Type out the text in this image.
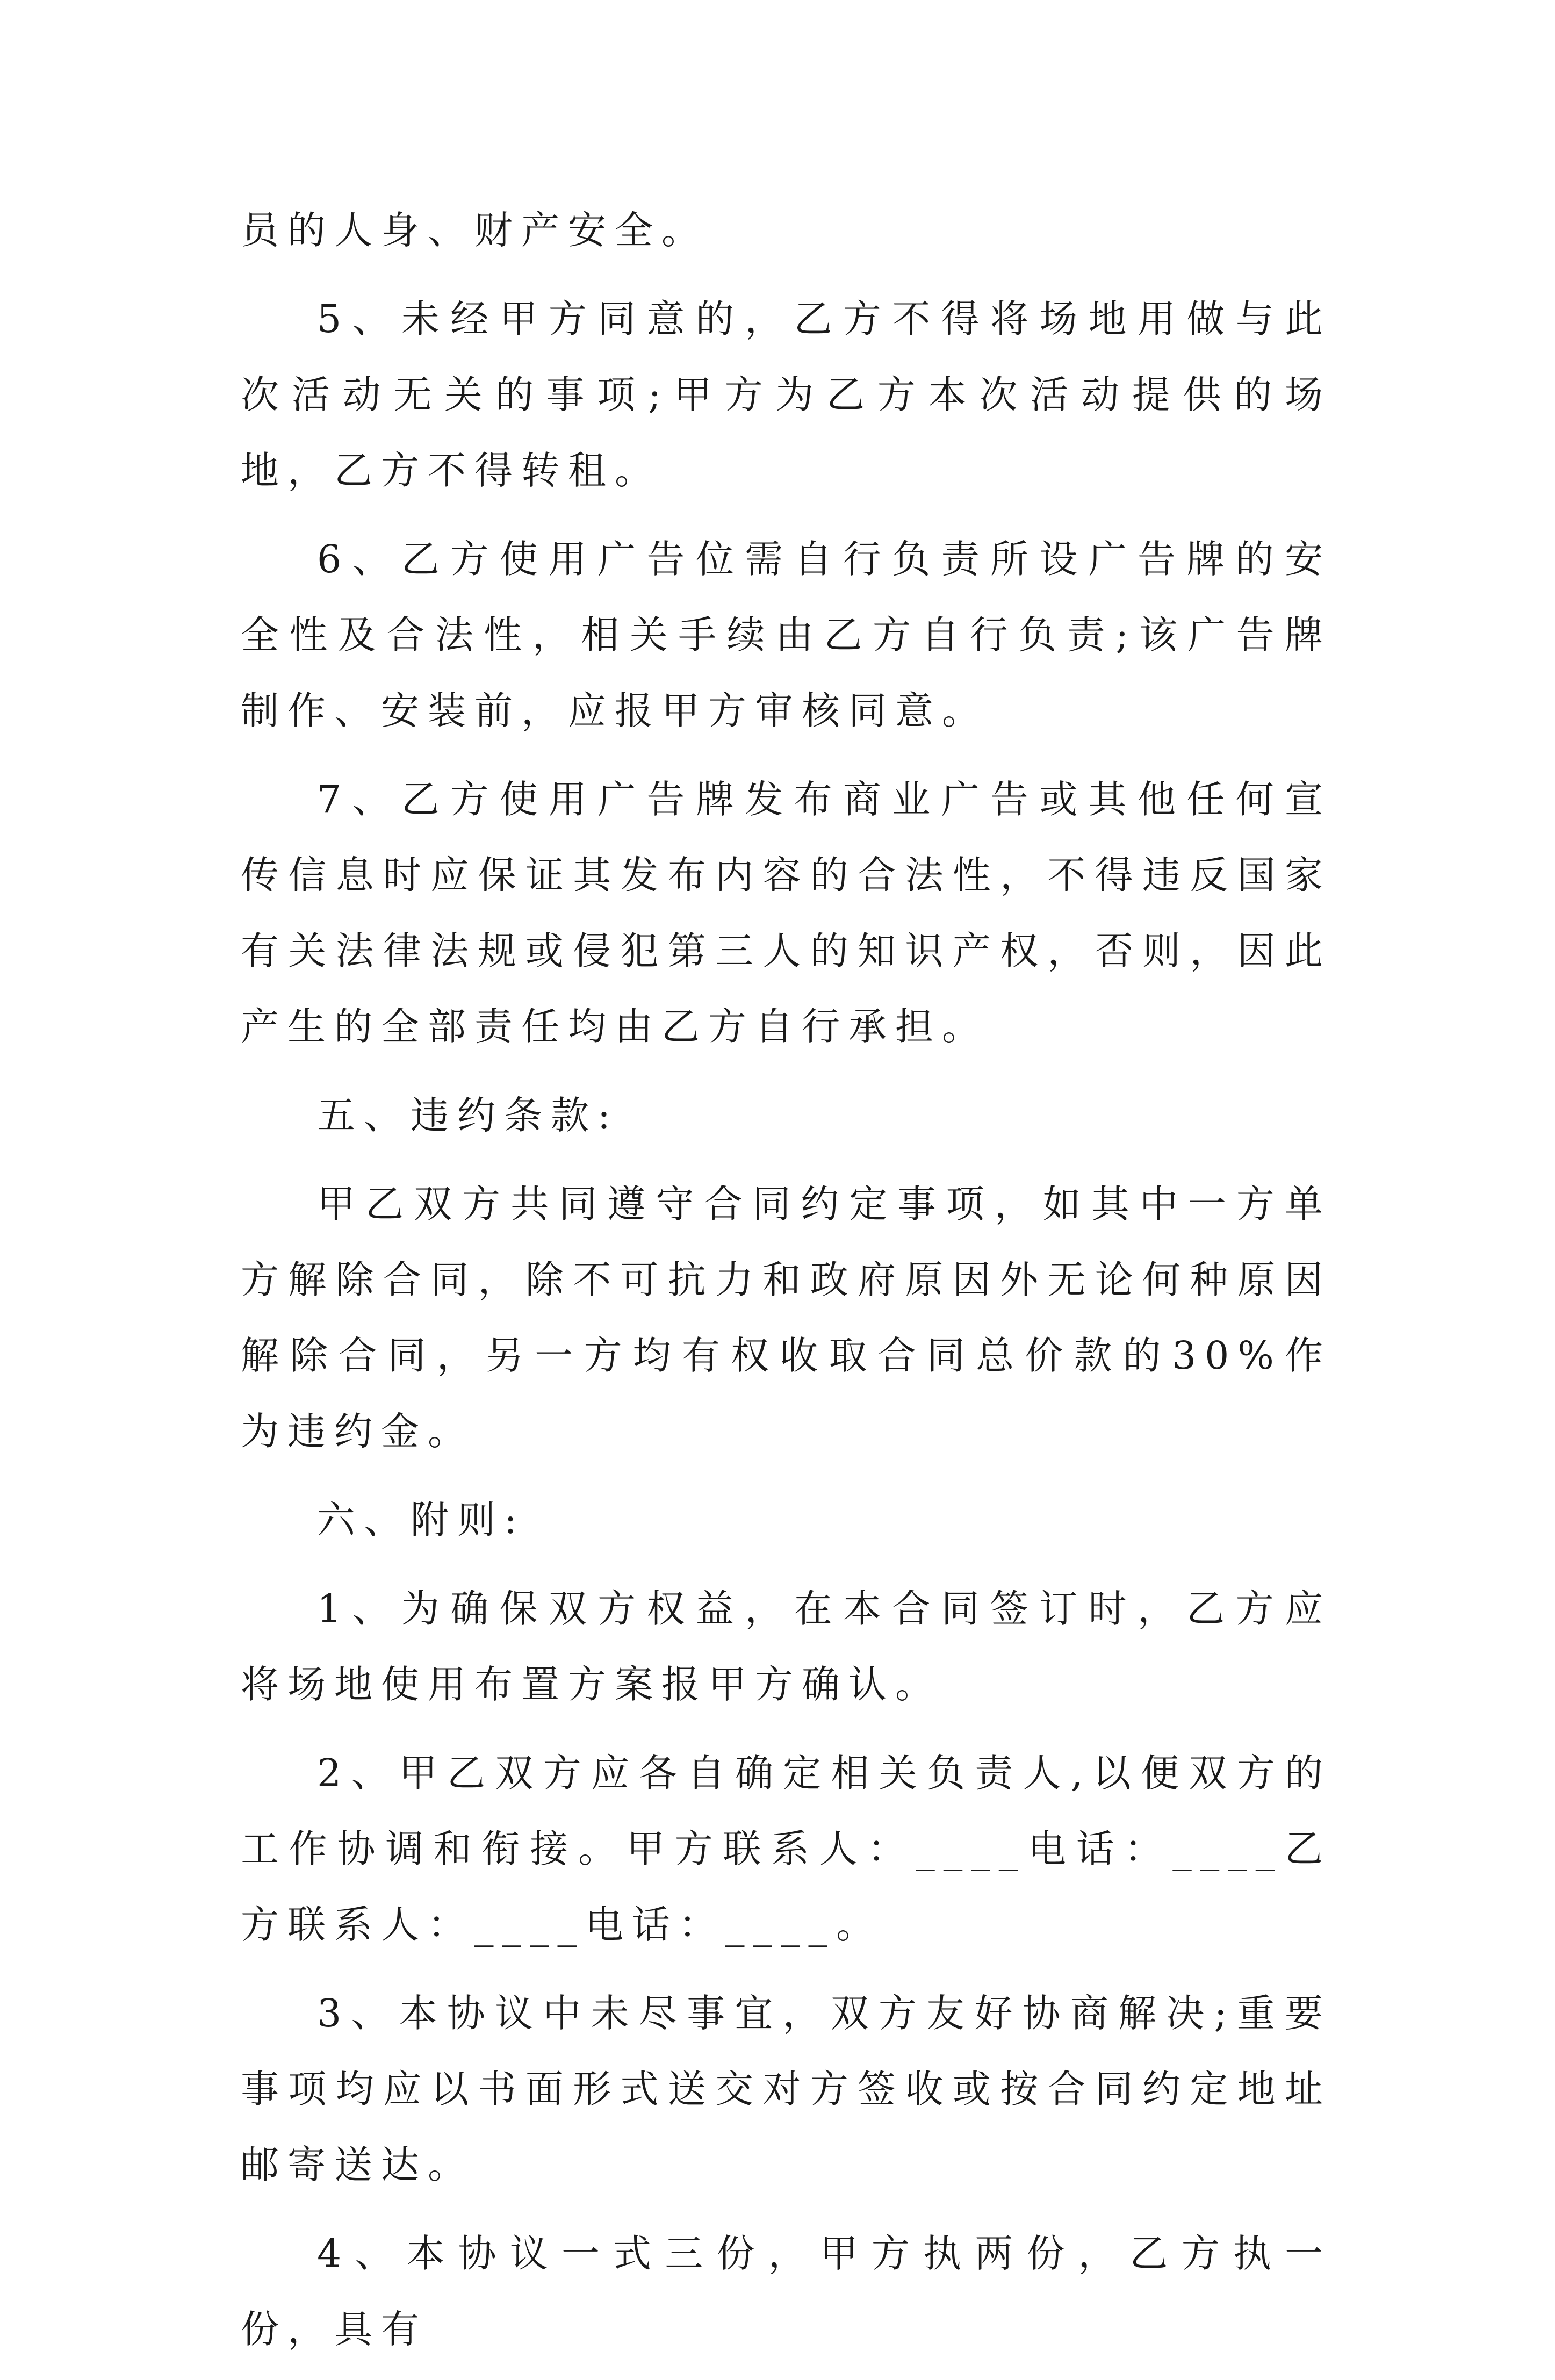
员的人身、财产安全。

5、未经甲方同意的，乙方不得将场地用做与此次活动无关的事项;甲方为乙方本次活动提供的场地，乙方不得转租。

6、乙方使用广告位需自行负责所设广告牌的安全性及合法性，相关手续由乙方自行负责;该广告牌制作、安装前，应报甲方审核同意。

7、乙方使用广告牌发布商业广告或其他任何宣传信息时应保证其发布内容的合法性，不得违反国家有关法律法规或侵犯第三人的知识产权，否则，因此产生的全部责任均由乙方自行承担。

五、违约条款:

甲乙双方共同遵守合同约定事项，如其中一方单方解除合同，除不可抗力和政府原因外无论何种原因解除合同，另一方均有权收取合同总价款的30%作为违约金。

六、附则:

1、为确保双方权益，在本合同签订时，乙方应将场地使用布置方案报甲方确认。

2、甲乙双方应各自确定相关负责人,以便双方的工作协调和衔接。甲方联系人：____电话：____乙方联系人：____电话：____。

3、本协议中未尽事宜，双方友好协商解决;重要事项均应以书面形式送交对方签收或按合同约定地址邮寄送达。

4、本协议一式三份，甲方执两份，乙方执一份，具有
